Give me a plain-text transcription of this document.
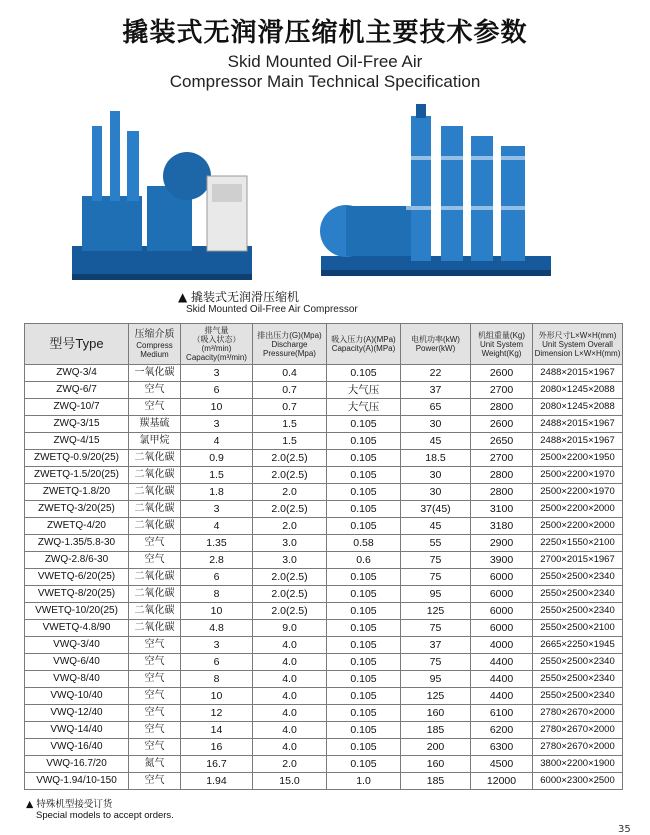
撬装式无润滑压缩机主要技术参数
Skid Mounted Oil-Free Air
Compressor Main Technical Specification
▲ 撬装式无润滑压缩机
Skid Mounted Oil-Free Air Compressor
型号Type	压缩介质
Compress
Medium	排气量
（吸入状态）
(m³/min)
Capacity(m³/min)	排出压力(G)(Mpa)
Discharge
Pressure(Mpa)	吸入压力(A)(MPa)
Capacity(A)(MPa)	电机功率(kW)
Power(kW)	机组重量(Kg)
Unit System
Weight(Kg)	外形尺寸L×W×H(mm)
Unit System Overall
Dimension L×W×H(mm)

ZWQ-3/4	一氧化碳	3	0.4	0.105	22	2600	2488×2015×1967
ZWQ-6/7	空气	6	0.7	大气压	37	2700	2080×1245×2088
ZWQ-10/7	空气	10	0.7	大气压	65	2800	2080×1245×2088
ZWQ-3/15	羰基硫	3	1.5	0.105	30	2600	2488×2015×1967
ZWQ-4/15	氯甲烷	4	1.5	0.105	45	2650	2488×2015×1967
ZWETQ-0.9/20(25)	二氧化碳	0.9	2.0(2.5)	0.105	18.5	2700	2500×2200×1950
ZWETQ-1.5/20(25)	二氧化碳	1.5	2.0(2.5)	0.105	30	2800	2500×2200×1970
ZWETQ-1.8/20	二氧化碳	1.8	2.0	0.105	30	2800	2500×2200×1970
ZWETQ-3/20(25)	二氧化碳	3	2.0(2.5)	0.105	37(45)	3100	2500×2200×2000
ZWETQ-4/20	二氧化碳	4	2.0	0.105	45	3180	2500×2200×2000
ZWQ-1.35/5.8-30	空气	1.35	3.0	0.58	55	2900	2250×1550×2100
ZWQ-2.8/6-30	空气	2.8	3.0	0.6	75	3900	2700×2015×1967
VWETQ-6/20(25)	二氧化碳	6	2.0(2.5)	0.105	75	6000	2550×2500×2340
VWETQ-8/20(25)	二氧化碳	8	2.0(2.5)	0.105	95	6000	2550×2500×2340
VWETQ-10/20(25)	二氧化碳	10	2.0(2.5)	0.105	125	6000	2550×2500×2340
VWETQ-4.8/90	二氧化碳	4.8	9.0	0.105	75	6000	2550×2500×2100
VWQ-3/40	空气	3	4.0	0.105	37	4000	2665×2250×1945
VWQ-6/40	空气	6	4.0	0.105	75	4400	2550×2500×2340
VWQ-8/40	空气	8	4.0	0.105	95	4400	2550×2500×2340
VWQ-10/40	空气	10	4.0	0.105	125	4400	2550×2500×2340
VWQ-12/40	空气	12	4.0	0.105	160	6100	2780×2670×2000
VWQ-14/40	空气	14	4.0	0.105	185	6200	2780×2670×2000
VWQ-16/40	空气	16	4.0	0.105	200	6300	2780×2670×2000
VWQ-16.7/20	氮气	16.7	2.0	0.105	160	4500	3800×2200×1900
VWQ-1.94/10-150	空气	1.94	15.0	1.0	185	12000	6000×2300×2500
▲ 特殊机型接受订货
Special models to accept orders.
35
